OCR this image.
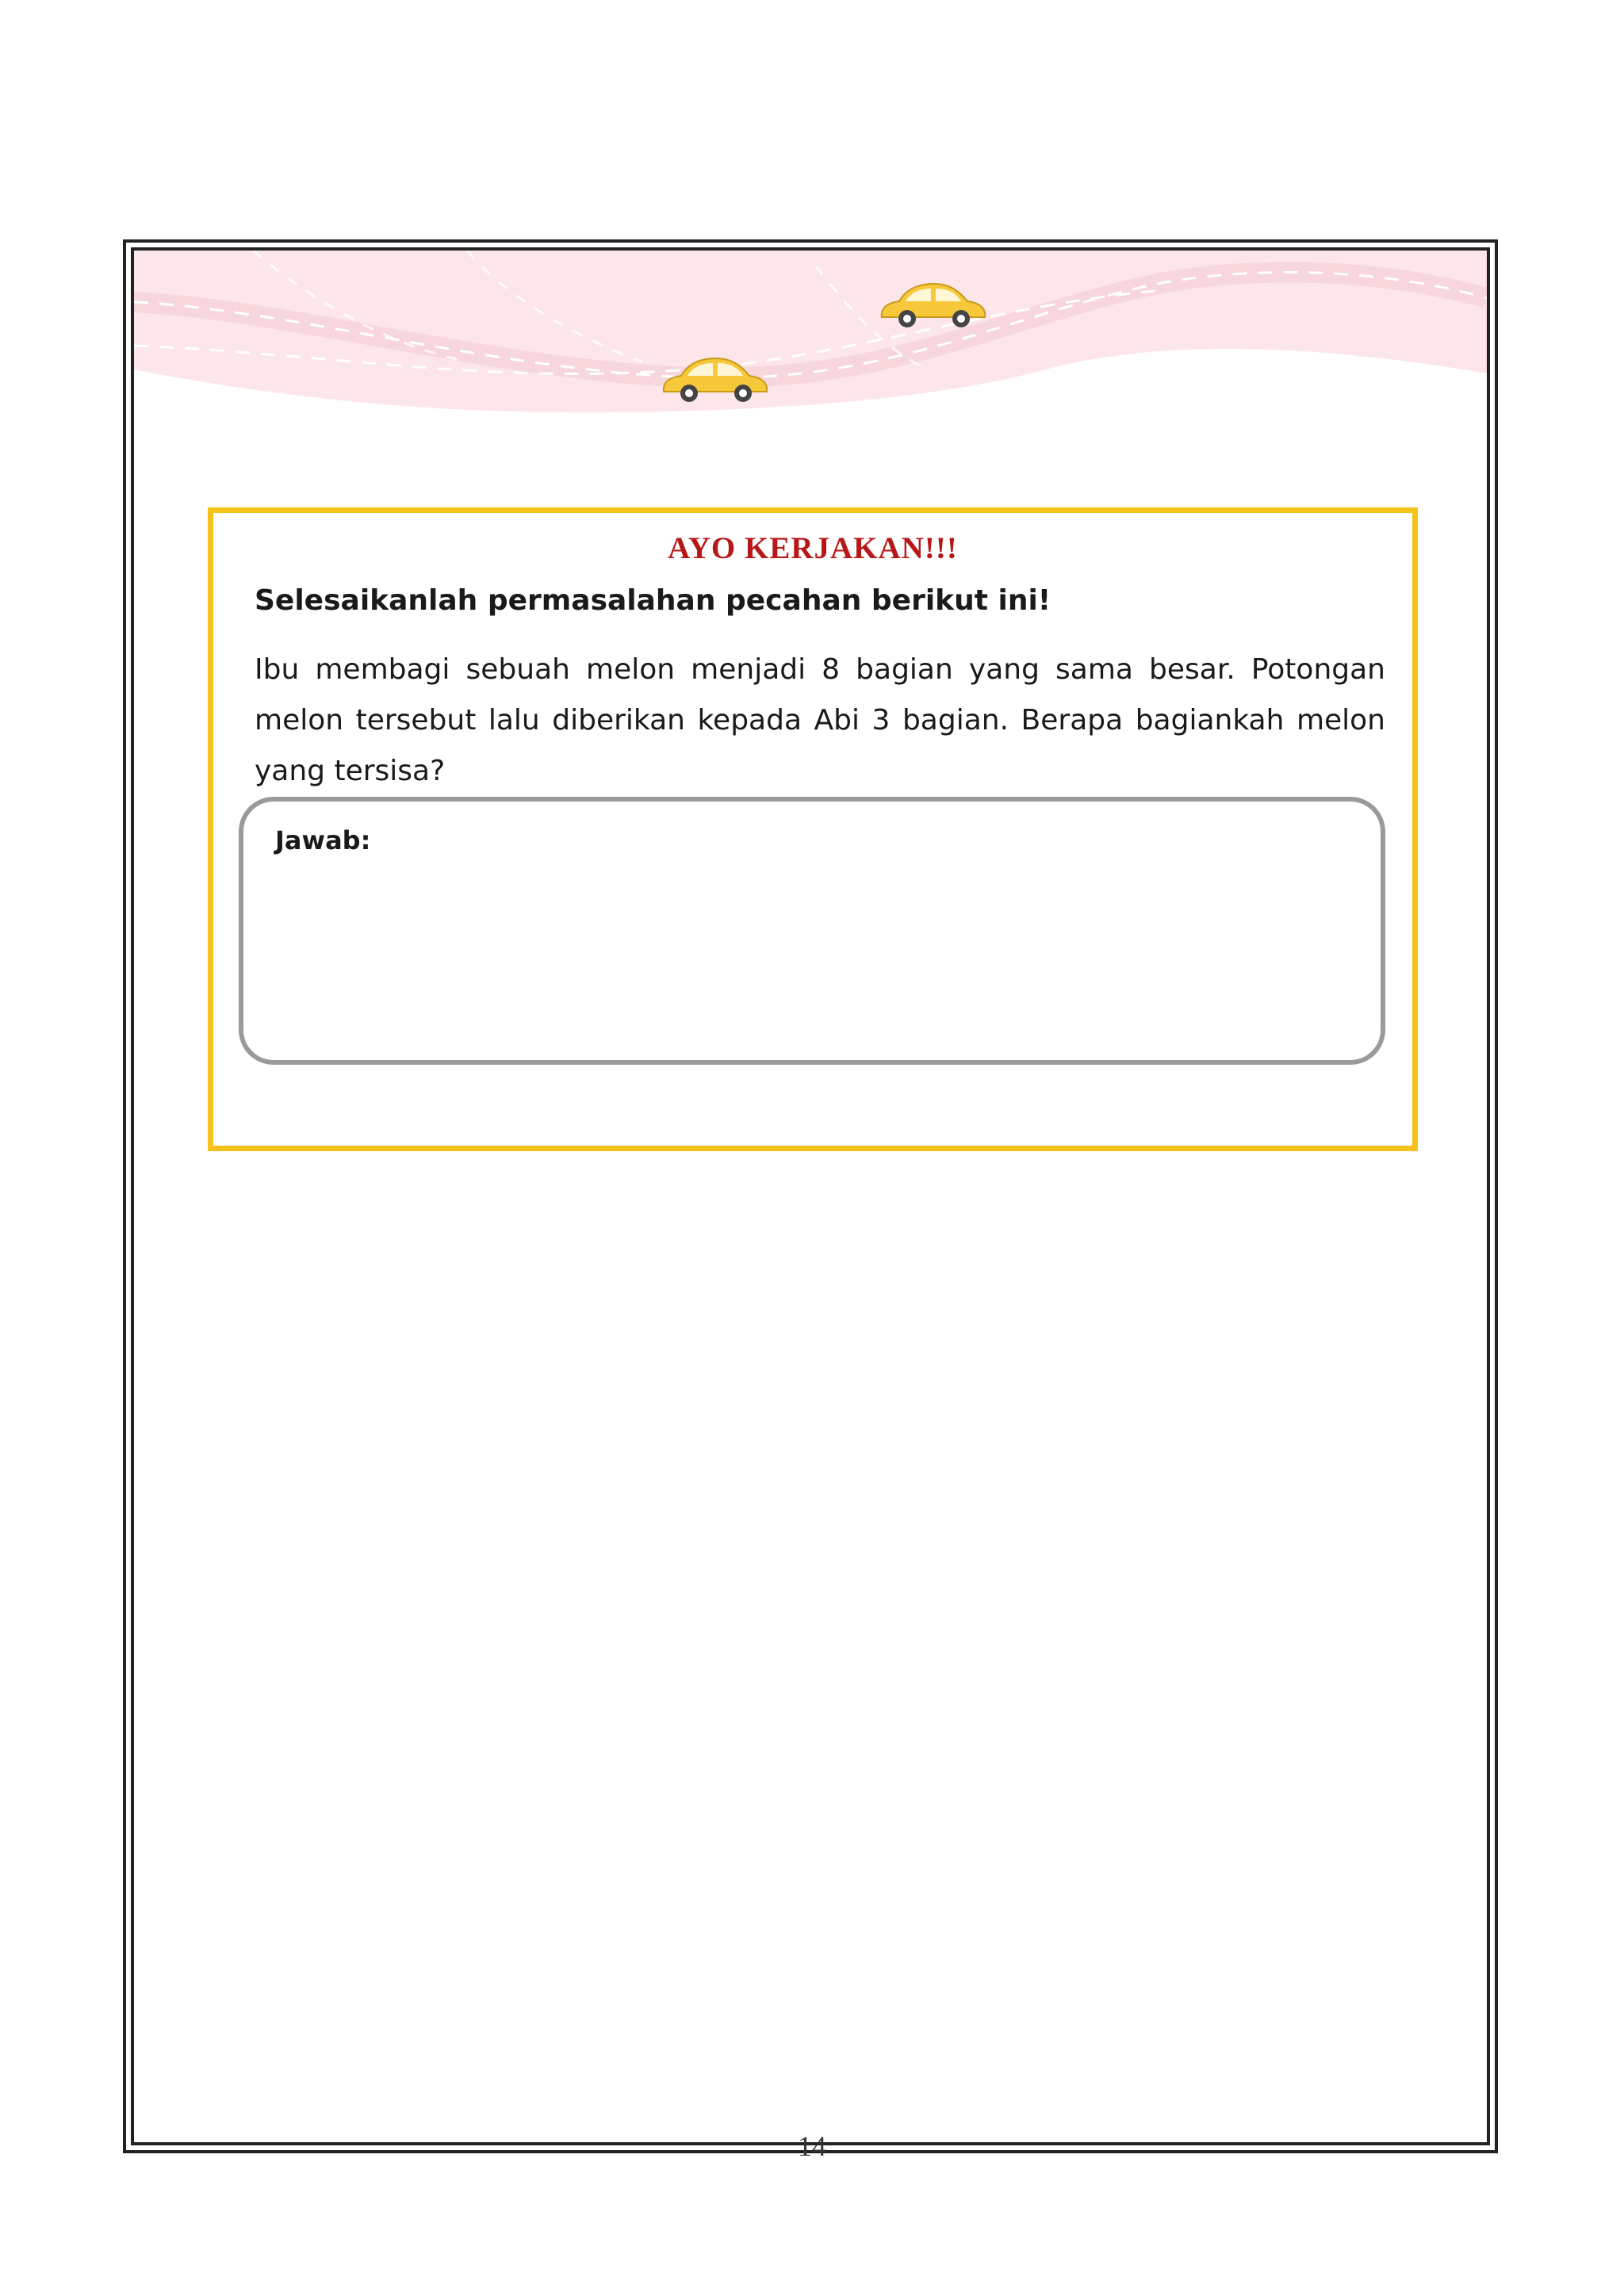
AYO KERJAKAN!!!
Selesaikanlah permasalahan pecahan berikut ini!
Ibu membagi sebuah melon menjadi 8 bagian yang sama besar. Potongan melon tersebut lalu diberikan kepada Abi 3 bagian. Berapa bagiankah melon yang tersisa?
Jawab:
14
